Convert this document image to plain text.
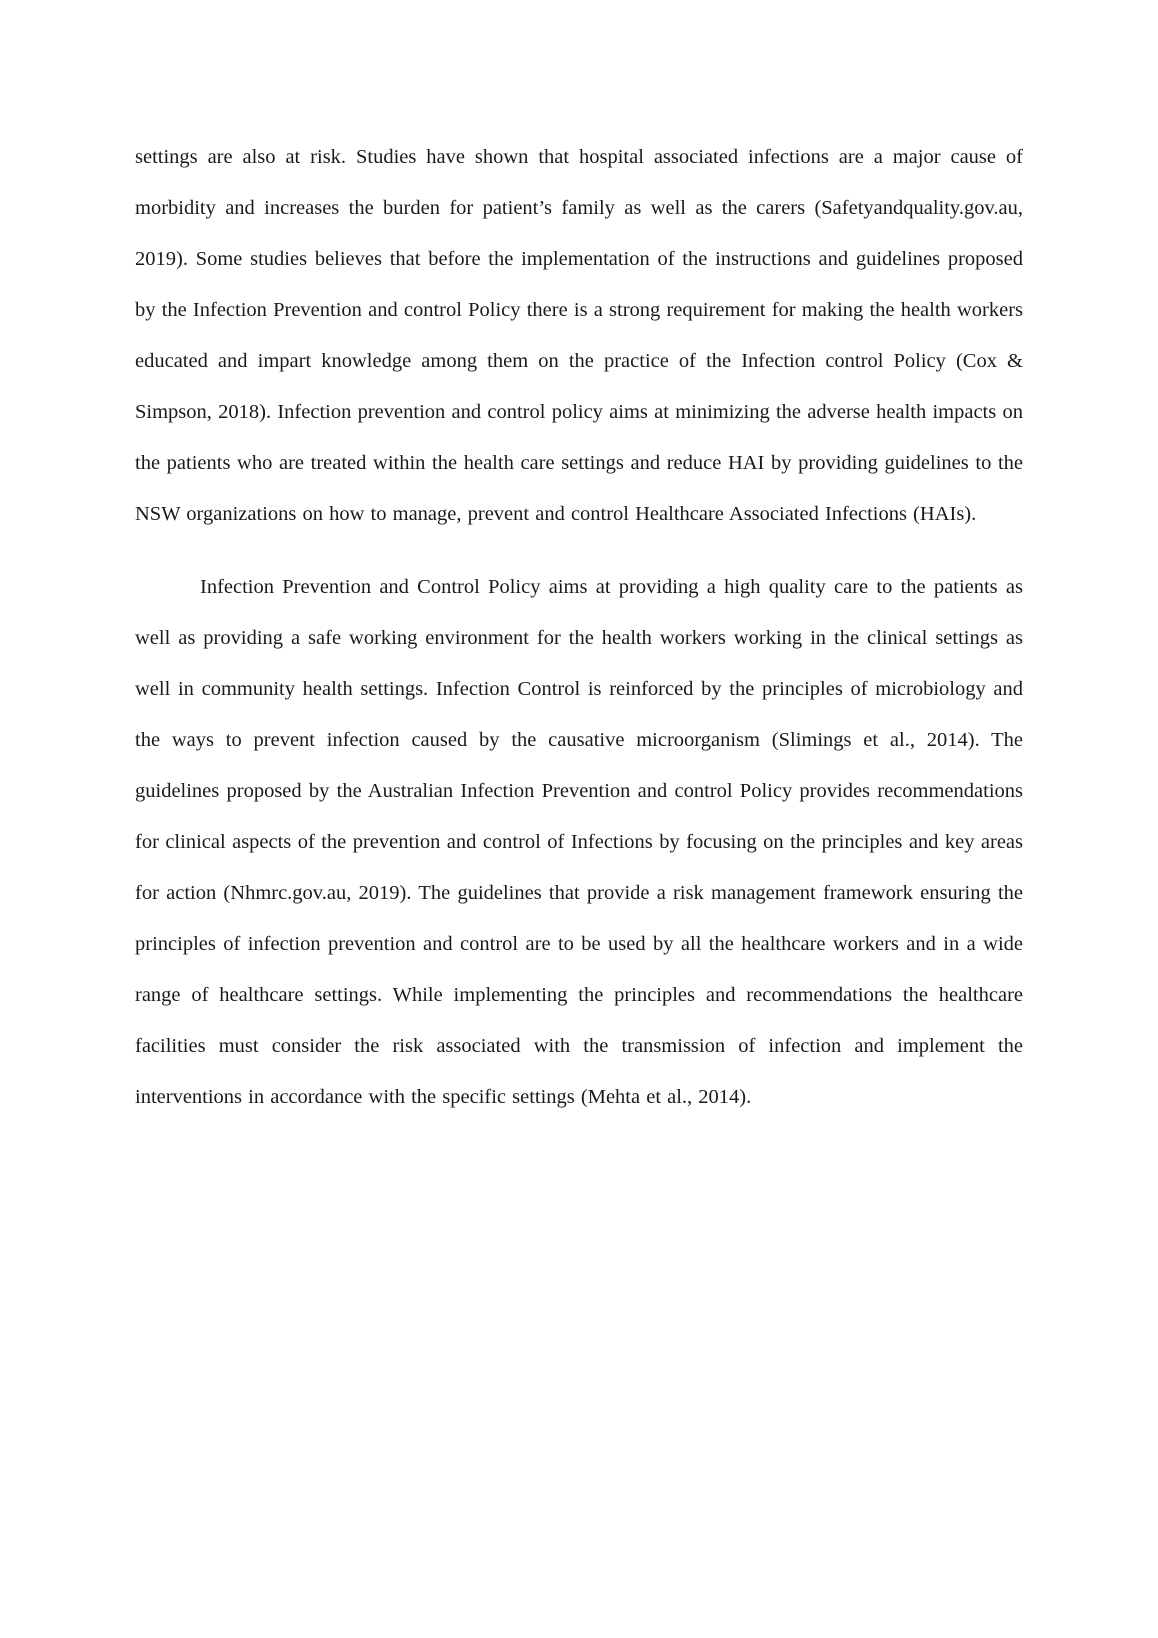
settings are also at risk. Studies have shown that hospital associated infections are a major cause of morbidity and increases the burden for patient’s family as well as the carers (Safetyandquality.gov.au, 2019). Some studies believes that before the implementation of the instructions and guidelines proposed by the Infection Prevention and control Policy there is a strong requirement for making the health workers educated and impart knowledge among them on the practice of the Infection control Policy (Cox & Simpson, 2018). Infection prevention and control policy aims at minimizing the adverse health impacts on the patients who are treated within the health care settings and reduce HAI by providing guidelines to the NSW organizations on how to manage, prevent and control Healthcare Associated Infections (HAIs).

Infection Prevention and Control Policy aims at providing a high quality care to the patients as well as providing a safe working environment for the health workers working in the clinical settings as well in community health settings. Infection Control is reinforced by the principles of microbiology and the ways to prevent infection caused by the causative microorganism (Slimings et al., 2014). The guidelines proposed by the Australian Infection Prevention and control Policy provides recommendations for clinical aspects of the prevention and control of Infections by focusing on the principles and key areas for action (Nhmrc.gov.au, 2019). The guidelines that provide a risk management framework ensuring the principles of infection prevention and control are to be used by all the healthcare workers and in a wide range of healthcare settings. While implementing the principles and recommendations the healthcare facilities must consider the risk associated with the transmission of infection and implement the interventions in accordance with the specific settings (Mehta et al., 2014).
